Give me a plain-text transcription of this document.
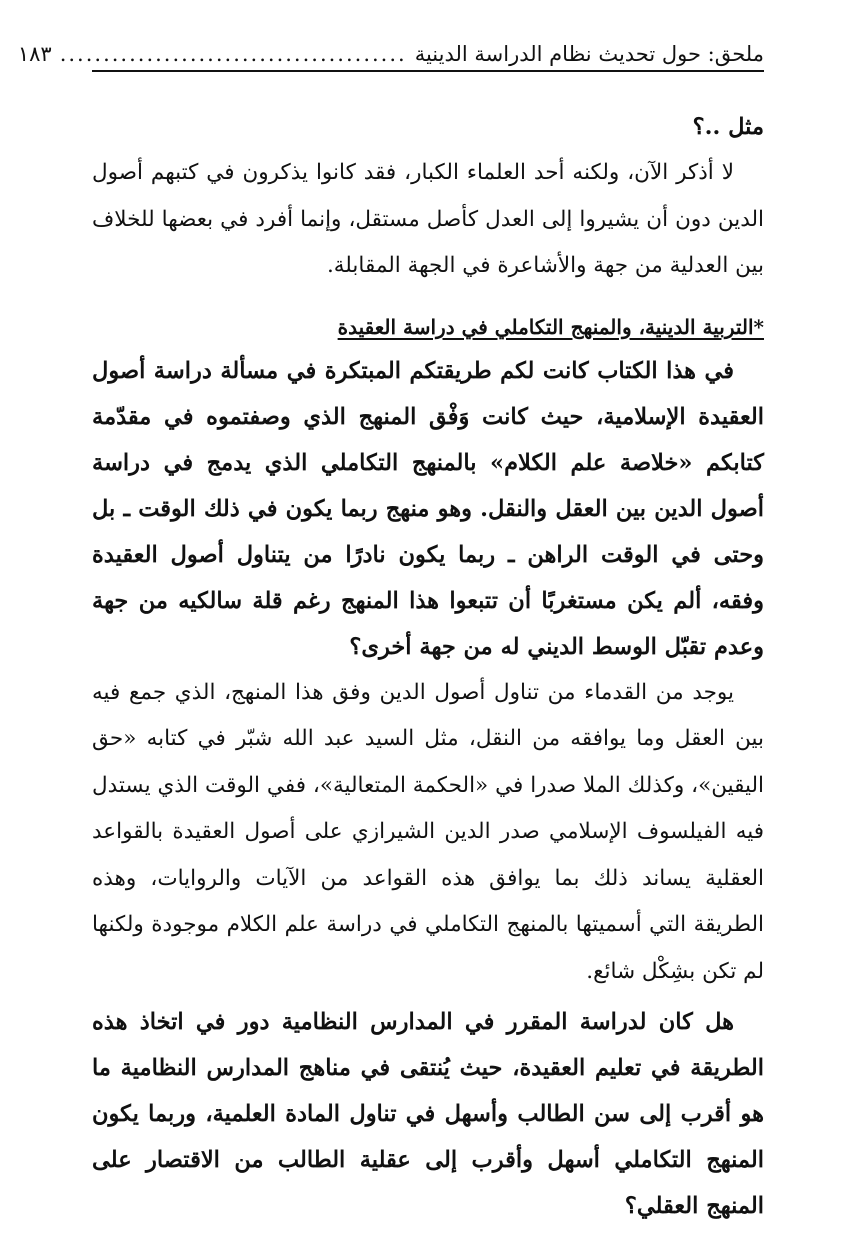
ملحق: حول تحديث نظام الدراسة الدينية
........................................
١٨٣

مثل ..؟

لا أذكر الآن، ولكنه أحد العلماء الكبار، فقد كانوا يذكرون في كتبهم أصول الدين دون أن يشيروا إلى العدل كأصل مستقل، وإنما أفرد في بعضها للخلاف بين العدلية من جهة والأشاعرة في الجهة المقابلة.

*التربية الدينية، والمنهج التكاملي في دراسة العقيدة

في هذا الكتاب كانت لكم طريقتكم المبتكرة في مسألة دراسة أصول العقيدة الإسلامية، حيث كانت وَفْق المنهج الذي وصفتموه في مقدّمة كتابكم «خلاصة علم الكلام» بالمنهج التكاملي الذي يدمج في دراسة أصول الدين بين العقل والنقل. وهو منهج ربما يكون في ذلك الوقت ـ بل وحتى في الوقت الراهن ـ ربما يكون نادرًا من يتناول أصول العقيدة وفقه، ألم يكن مستغربًا أن تتبعوا هذا المنهج رغم قلة سالكيه من جهة وعدم تقبّل الوسط الديني له من جهة أخرى؟

يوجد من القدماء من تناول أصول الدين وفق هذا المنهج، الذي جمع فيه بين العقل وما يوافقه من النقل، مثل السيد عبد الله شبّر في كتابه «حق اليقين»، وكذلك الملا صدرا في «الحكمة المتعالية»، ففي الوقت الذي يستدل فيه الفيلسوف الإسلامي صدر الدين الشيرازي على أصول العقيدة بالقواعد العقلية يساند ذلك بما يوافق هذه القواعد من الآيات والروايات، وهذه الطريقة التي أسميتها بالمنهج التكاملي في دراسة علم الكلام موجودة ولكنها لم تكن بشِكْل شائع.

هل كان لدراسة المقرر في المدارس النظامية دور في اتخاذ هذه الطريقة في تعليم العقيدة، حيث يُنتقى في مناهج المدارس النظامية ما هو أقرب إلى سن الطالب وأسهل في تناول المادة العلمية، وربما يكون المنهج التكاملي أسهل وأقرب إلى عقلية الطالب من الاقتصار على المنهج العقلي؟
